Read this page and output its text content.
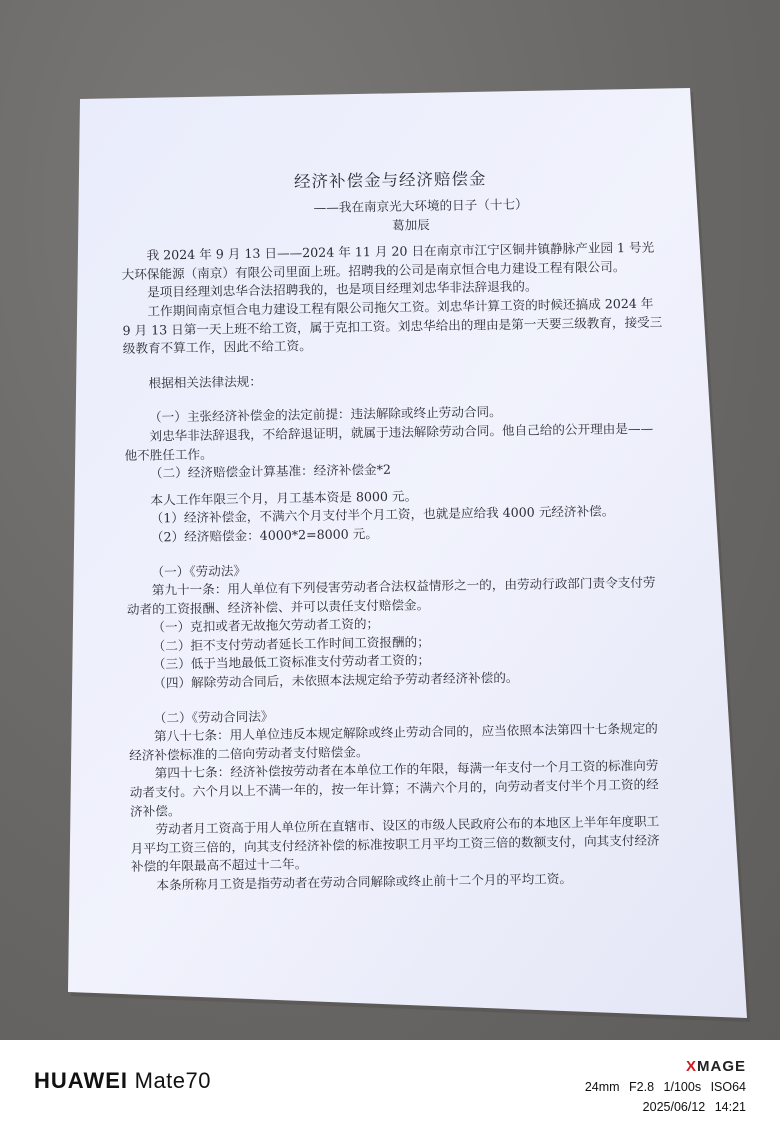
经济补偿金与经济赔偿金
——我在南京光大环境的日子（十七）
葛加辰

我 2024 年 9 月 13 日——2024 年 11 月 20 日在南京市江宁区铜井镇静脉产业园 1 号光大环保能源（南京）有限公司里面上班。招聘我的公司是南京恒合电力建设工程有限公司。

是项目经理刘忠华合法招聘我的，也是项目经理刘忠华非法辞退我的。

工作期间南京恒合电力建设工程有限公司拖欠工资。刘忠华计算工资的时候还搞成 2024 年 9 月 13 日第一天上班不给工资，属于克扣工资。刘忠华给出的理由是第一天要三级教育，接受三级教育不算工作，因此不给工资。

根据相关法律法规：

（一）主张经济补偿金的法定前提：违法解除或终止劳动合同。

刘忠华非法辞退我，不给辞退证明，就属于违法解除劳动合同。他自己给的公开理由是——他不胜任工作。

（二）经济赔偿金计算基准：经济补偿金*2

本人工作年限三个月，月工基本资是 8000 元。

（1）经济补偿金，不满六个月支付半个月工资，也就是应给我 4000 元经济补偿。

（2）经济赔偿金：4000*2=8000 元。

（一）《劳动法》

第九十一条：用人单位有下列侵害劳动者合法权益情形之一的，由劳动行政部门责令支付劳动者的工资报酬、经济补偿、并可以责任支付赔偿金。

（一）克扣或者无故拖欠劳动者工资的；

（二）拒不支付劳动者延长工作时间工资报酬的；

（三）低于当地最低工资标准支付劳动者工资的；

（四）解除劳动合同后，未依照本法规定给予劳动者经济补偿的。

（二）《劳动合同法》

第八十七条：用人单位违反本规定解除或终止劳动合同的，应当依照本法第四十七条规定的经济补偿标准的二倍向劳动者支付赔偿金。

第四十七条：经济补偿按劳动者在本单位工作的年限，每满一年支付一个月工资的标准向劳动者支付。六个月以上不满一年的，按一年计算；不满六个月的，向劳动者支付半个月工资的经济补偿。

劳动者月工资高于用人单位所在直辖市、设区的市级人民政府公布的本地区上半年年度职工月平均工资三倍的，向其支付经济补偿的标准按职工月平均工资三倍的数额支付，向其支付经济补偿的年限最高不超过十二年。

本条所称月工资是指劳动者在劳动合同解除或终止前十二个月的平均工资。

HUAWEI Mate70
XMAGE
24mm F2.8 1/100s ISO64
2025/06/12 14:21
